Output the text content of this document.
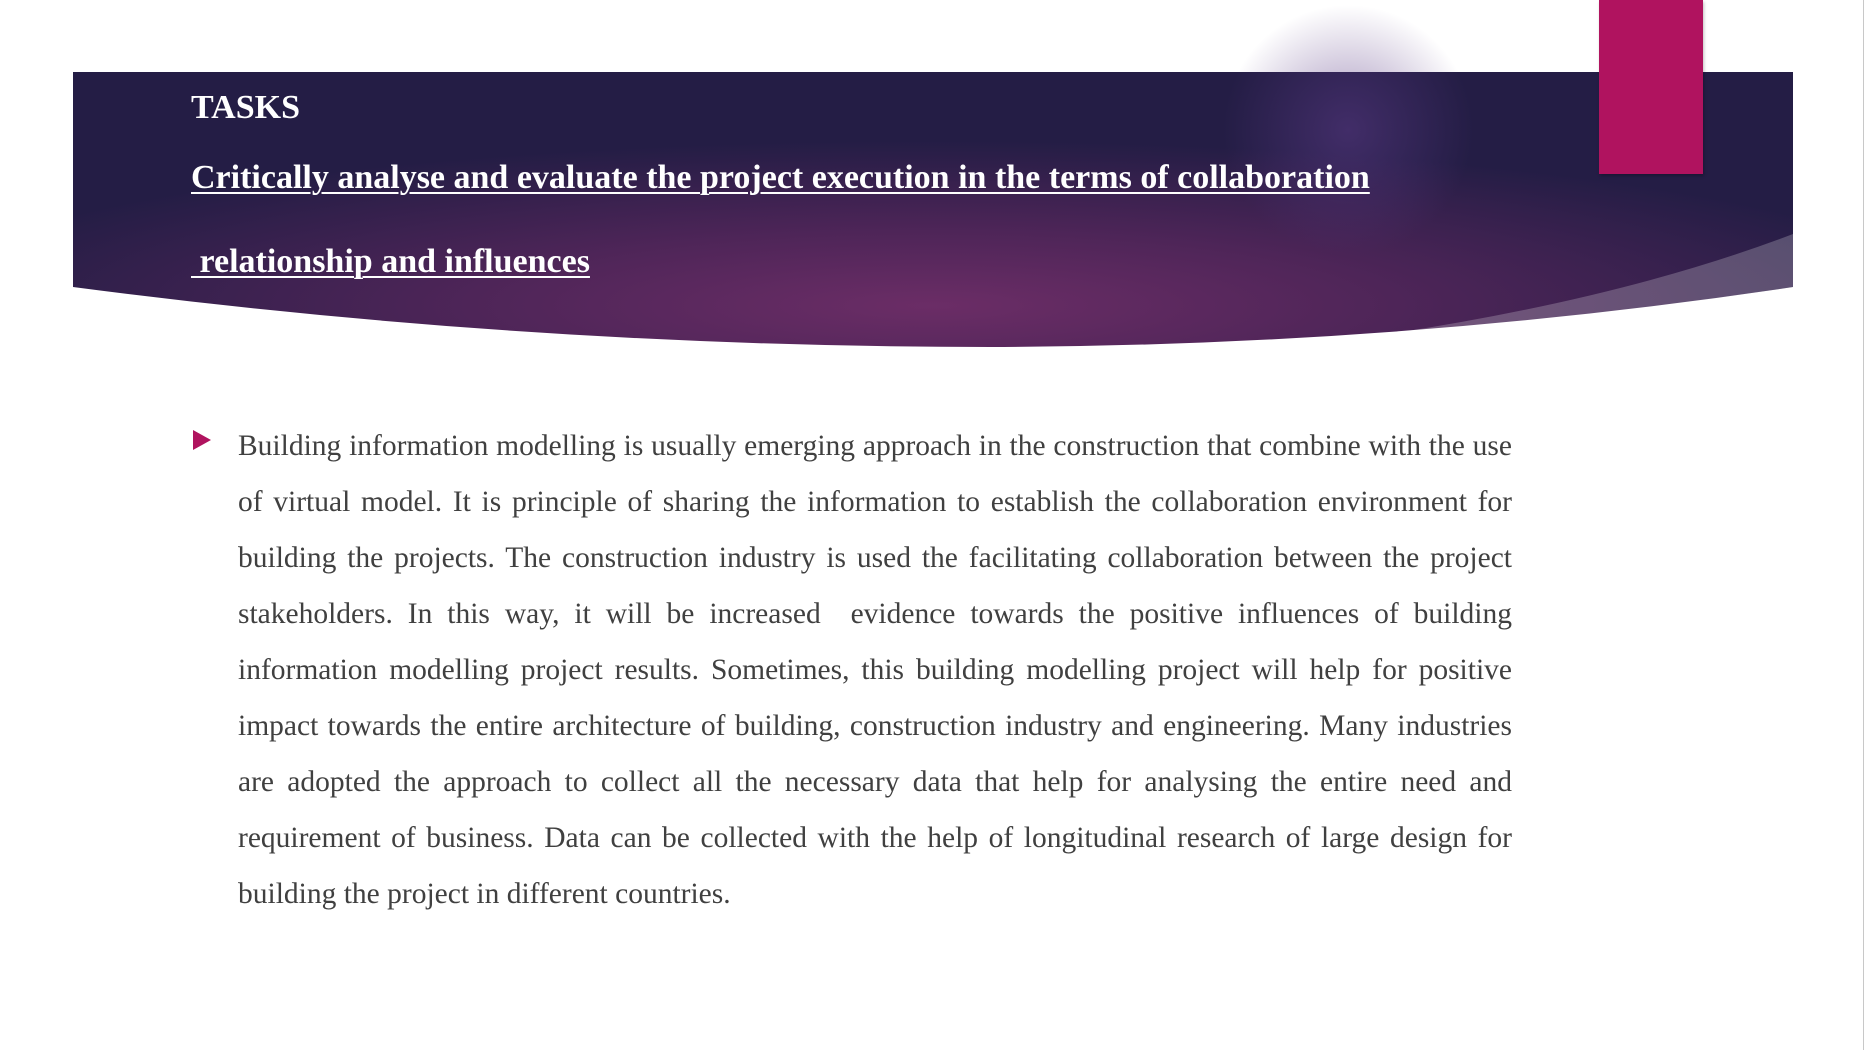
TASKS

Critically analyse and evaluate the project execution in the terms of collaboration

relationship and influences

Building information modelling is usually emerging approach in the construction that combine with the use of virtual model. It is principle of sharing the information to establish the collaboration environment for building the projects. The construction industry is used the facilitating collaboration between the project stakeholders. In this way, it will be increased  evidence towards the positive influences of building information modelling project results. Sometimes, this building modelling project will help for positive impact towards the entire architecture of building, construction industry and engineering. Many industries are adopted the approach to collect all the necessary data that help for analysing the entire need and requirement of business. Data can be collected with the help of longitudinal research of large design for building the project in different countries.
